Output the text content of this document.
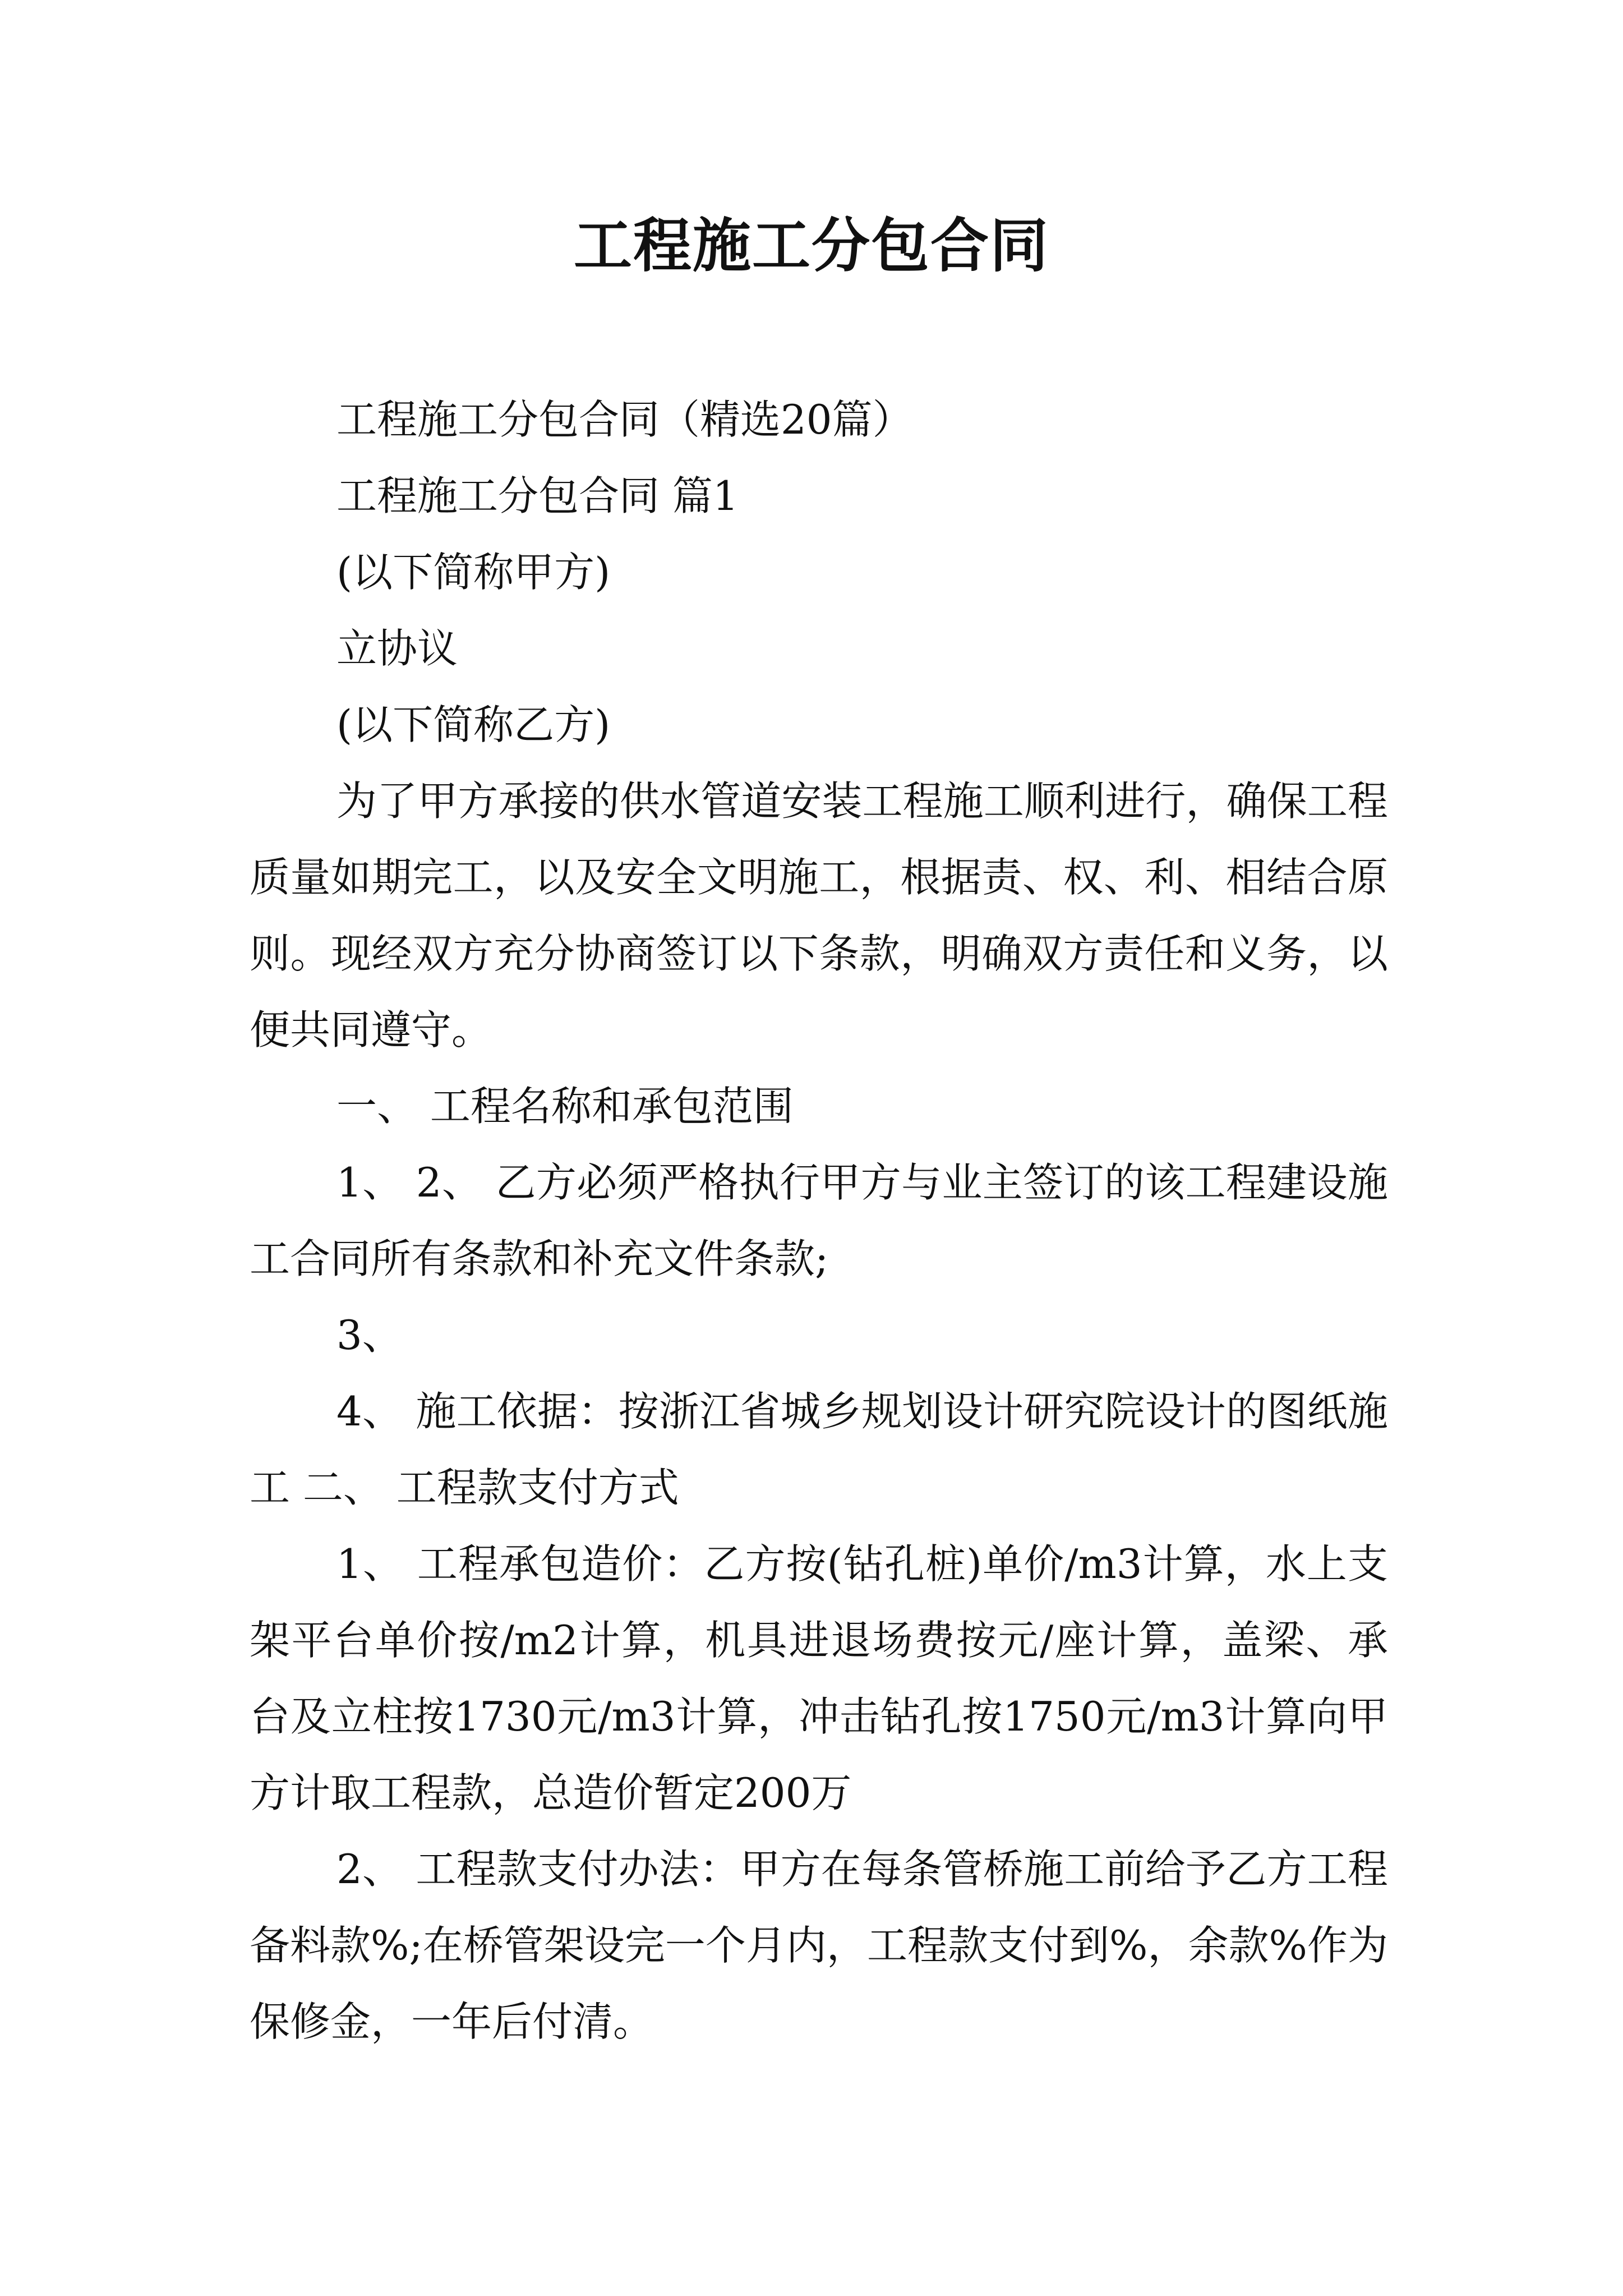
工程施工分包合同

工程施工分包合同（精选20篇）

工程施工分包合同 篇1

(以下简称甲方)

立协议

(以下简称乙方)

为了甲方承接的供水管道安装工程施工顺利进行，确保工程质量如期完工，以及安全文明施工，根据责、权、利、相结合原则。现经双方充分协商签订以下条款，明确双方责任和义务，以便共同遵守。

一、 工程名称和承包范围

1、 2、 乙方必须严格执行甲方与业主签订的该工程建设施工合同所有条款和补充文件条款;

3、

4、 施工依据：按浙江省城乡规划设计研究院设计的图纸施工 二、 工程款支付方式

1、 工程承包造价：乙方按(钻孔桩)单价/m3计算，水上支架平台单价按/m2计算，机具进退场费按元/座计算，盖梁、承台及立柱按1730元/m3计算，冲击钻孔按1750元/m3计算向甲方计取工程款，总造价暂定200万

2、 工程款支付办法：甲方在每条管桥施工前给予乙方工程备料款%;在桥管架设完一个月内，工程款支付到%，余款%作为保修金，一年后付清。
